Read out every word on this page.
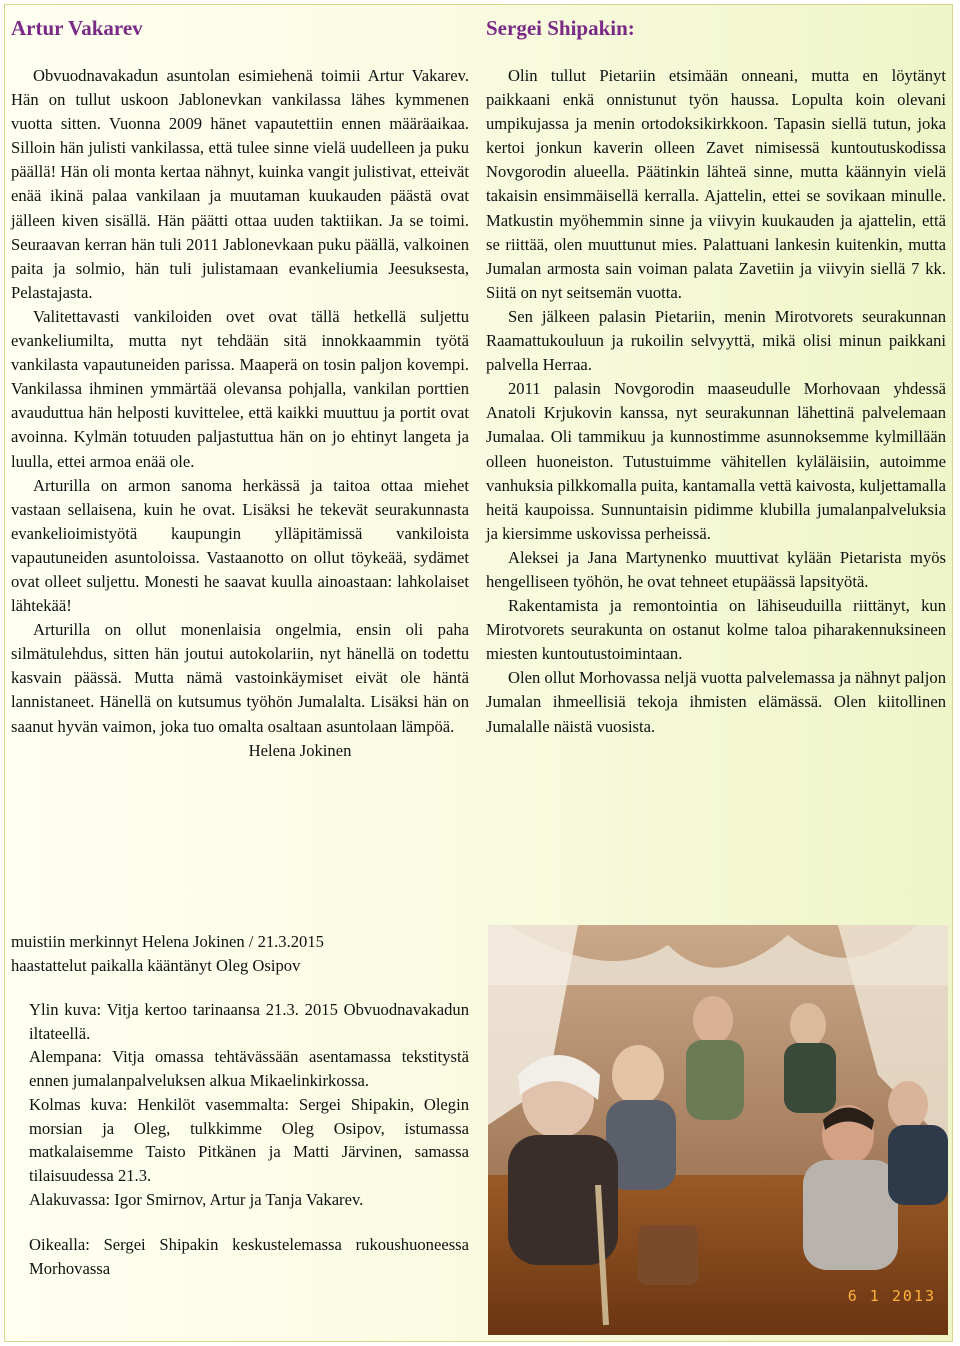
Artur Vakarev	Sergei Shipakin:

Obvuodnavakadun asuntolan esimiehenä toimii Artur Vakarev. Hän on tullut uskoon Jablonevkan vankilassa lähes kymmenen vuotta sitten. Vuonna 2009 hänet vapautettiin ennen määräaikaa. Silloin hän julisti vankilassa, että tulee sinne vielä uudelleen ja puku päällä! Hän oli monta kertaa nähnyt, kuinka vangit julistivat, etteivät enää ikinä palaa vankilaan ja muutaman kuukauden päästä ovat jälleen kiven sisällä. Hän päätti ottaa uuden taktiikan. Ja se toimi. Seuraavan kerran hän tuli 2011 Jablonevkaan puku päällä, valkoinen paita ja solmio, hän tuli julistamaan evankeliumia Jeesuksesta, Pelastajasta.

Valitettavasti vankiloiden ovet ovat tällä hetkellä suljettu evankeliumilta, mutta nyt tehdään sitä innokkaammin työtä vankilasta vapautuneiden parissa. Maaperä on tosin paljon kovempi. Vankilassa ihminen ymmärtää olevansa pohjalla, vankilan porttien avauduttua hän helposti kuvittelee, että kaikki muuttuu ja portit ovat avoinna. Kylmän totuuden paljastuttua hän on jo ehtinyt langeta ja luulla, ettei armoa enää ole.

Arturilla on armon sanoma herkässä ja taitoa ottaa miehet vastaan sellaisena, kuin he ovat. Lisäksi he tekevät seurakunnasta evankelioimistyötä kaupungin ylläpitämissä vankiloista vapautuneiden asuntoloissa. Vastaanotto on ollut töykeää, sydämet ovat olleet suljettu. Monesti he saavat kuulla ainoastaan: lahkolaiset lähtekää!

Arturilla on ollut monenlaisia ongelmia, ensin oli paha silmätulehdus, sitten hän joutui autokolariin, nyt hänellä on todettu kasvain päässä. Mutta nämä vastoinkäymiset eivät ole häntä lannistaneet. Hänellä on kutsumus työhön Jumalalta. Lisäksi hän on saanut hyvän vaimon, joka tuo omalta osaltaan asuntolaan lämpöä.

Helena Jokinen

Olin tullut Pietariin etsimään onneani, mutta en löytänyt paikkaani enkä onnistunut työn haussa. Lopulta koin olevani umpikujassa ja menin ortodoksikirkkoon. Tapasin siellä tutun, joka kertoi jonkun kaverin olleen Zavet nimisessä kuntoutuskodissa Novgorodin alueella. Päätinkin lähteä sinne, mutta käännyin vielä takaisin ensimmäisellä kerralla. Ajattelin, ettei se sovikaan minulle. Matkustin myöhemmin sinne ja viivyin kuukauden ja ajattelin, että se riittää, olen muuttunut mies. Palattuani lankesin kuitenkin, mutta Jumalan armosta sain voiman palata Zavetiin ja viivyin siellä 7 kk. Siitä on nyt seitsemän vuotta.

Sen jälkeen palasin Pietariin, menin Mirotvorets seurakunnan Raamattukouluun ja rukoilin selvyyttä, mikä olisi minun paikkani palvella Herraa.

2011 palasin Novgorodin maaseudulle Morhovaan yhdessä Anatoli Krjukovin kanssa, nyt seurakunnan lähettinä palvelemaan Jumalaa. Oli tammikuu ja kunnostimme asunnoksemme kylmillään olleen huoneiston. Tutustuimme vähitellen kyläläisiin, autoimme vanhuksia pilkkomalla puita, kantamalla vettä kaivosta, kuljettamalla heitä kaupoissa. Sunnuntaisin pidimme klubilla jumalanpalveluksia ja kiersimme uskovissa perheissä.

Aleksei ja Jana Martynenko muuttivat kylään Pietarista myös hengelliseen työhön, he ovat tehneet etupäässä lapsityötä.

Rakentamista ja remontointia on lähiseuduilla riittänyt, kun Mirotvorets seurakunta on ostanut kolme taloa piharakennuksineen miesten kuntoutustoimintaan.

Olen ollut Morhovassa neljä vuotta palvelemassa ja nähnyt paljon Jumalan ihmeellisiä tekoja ihmisten elämässä. Olen kiitollinen Jumalalle näistä vuosista.

muistiin merkinnyt Helena Jokinen / 21.3.2015

haastattelut paikalla kääntänyt Oleg Osipov

Ylin kuva: Vitja kertoo tarinaansa 21.3. 2015 Obvuodnavakadun iltateellä.

Alempana: Vitja omassa tehtävässään asentamassa tekstitystä ennen jumalanpalveluksen alkua Mikaelinkirkossa.

Kolmas kuva: Henkilöt vasemmalta: Sergei Shipakin, Olegin morsian ja Oleg, tulkkimme Oleg Osipov, istumassa matkalaisemme Taisto Pitkänen ja Matti Järvinen, samassa tilaisuudessa 21.3.

Alakuvassa: Igor Smirnov, Artur ja Tanja Vakarev.

Oikealla: Sergei Shipakin keskustelemassa rukoushuoneessa Morhovassa

6 1 2013
